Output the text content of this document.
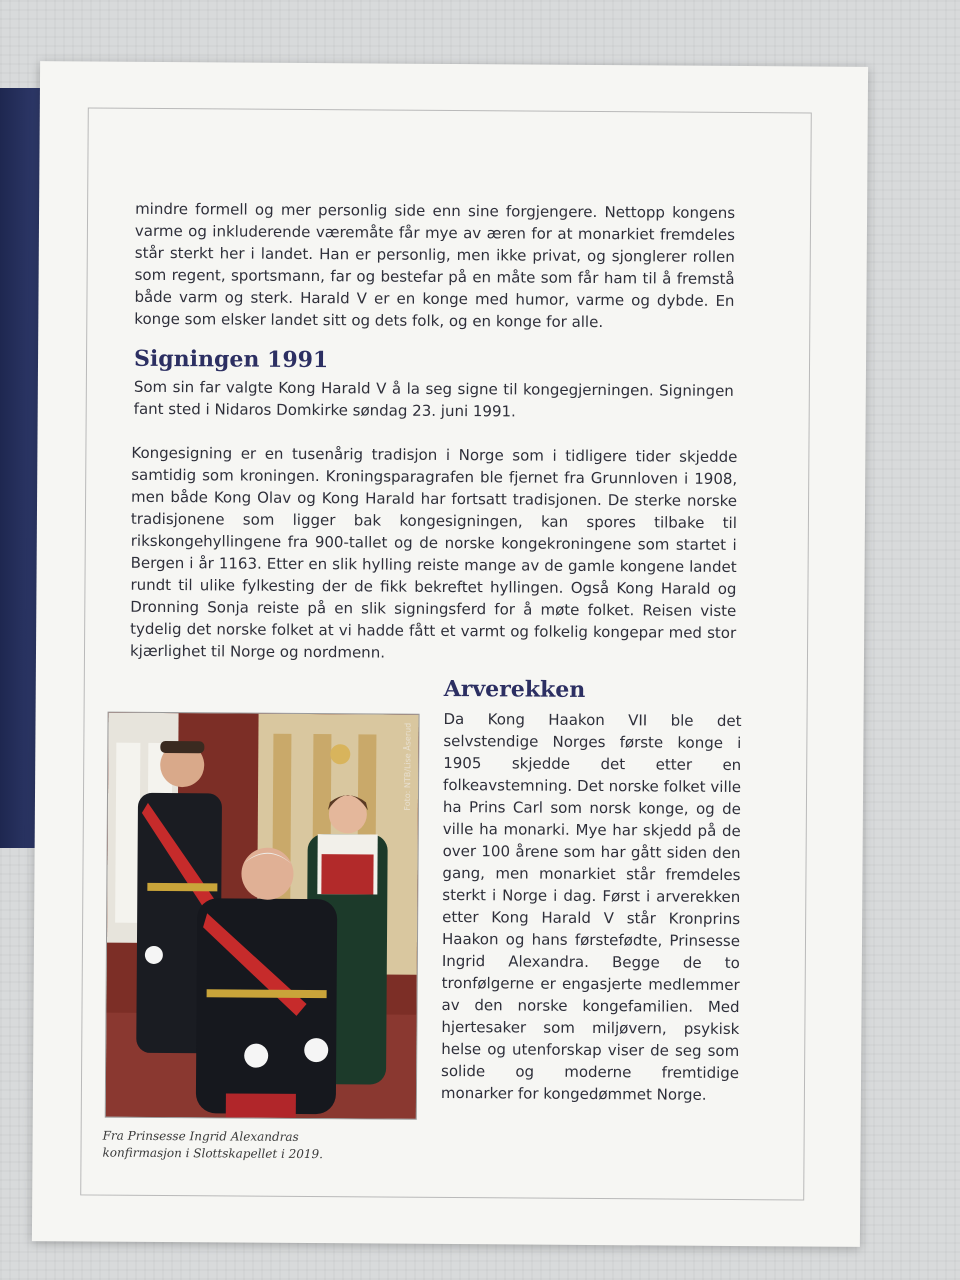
mindre formell og mer personlig side enn sine forgjengere. Nettopp kongens varme og inkluderende væremåte får mye av æren for at monarkiet fremdeles står sterkt her i landet. Han er personlig, men ikke privat, og sjonglerer rollen som regent, sportsmann, far og bestefar på en måte som får ham til å fremstå både varm og sterk. Harald V er en konge med humor, varme og dybde. En konge som elsker landet sitt og dets folk, og en konge for alle.

Signingen 1991

Som sin far valgte Kong Harald V å la seg signe til kongegjerningen. Signingen fant sted i Nidaros Domkirke søndag 23. juni 1991.

Kongesigning er en tusenårig tradisjon i Norge som i tidligere tider skjedde samtidig som kroningen. Kroningsparagrafen ble fjernet fra Grunnloven i 1908, men både Kong Olav og Kong Harald har fortsatt tradisjonen. De sterke norske tradisjonene som ligger bak kongesigningen, kan spores tilbake til rikskongehyllingene fra 900-tallet og de norske kongekroningene som startet i Bergen i år 1163. Etter en slik hylling reiste mange av de gamle kongene landet rundt til ulike fylkesting der de fikk bekreftet hyllingen. Også Kong Harald og Dronning Sonja reiste på en slik signingsferd for å møte folket. Reisen viste tydelig det norske folket at vi hadde fått et varmt og folkelig kongepar med stor kjærlighet til Norge og nordmenn.

Arverekken

Da Kong Haakon VII ble det selvstendige Norges første konge i 1905 skjedde det etter en folkeavstemning. Det norske folket ville ha Prins Carl som norsk konge, og de ville ha monarki. Mye har skjedd på de over 100 årene som har gått siden den gang, men monarkiet står fremdeles sterkt i Norge i dag. Først i arverekken etter Kong Harald V står Kronprins Haakon og hans førstefødte, Prinsesse Ingrid Alexandra. Begge de to tronfølgerne er engasjerte medlemmer av den norske kongefamilien. Med hjertesaker som miljøvern, psykisk helse og utenforskap viser de seg som solide og moderne fremtidige monarker for kongedømmet Norge.

Foto: NTB/Lise Åserud

Fra Prinsesse Ingrid Alexandras konfirmasjon i Slottskapellet i 2019.
